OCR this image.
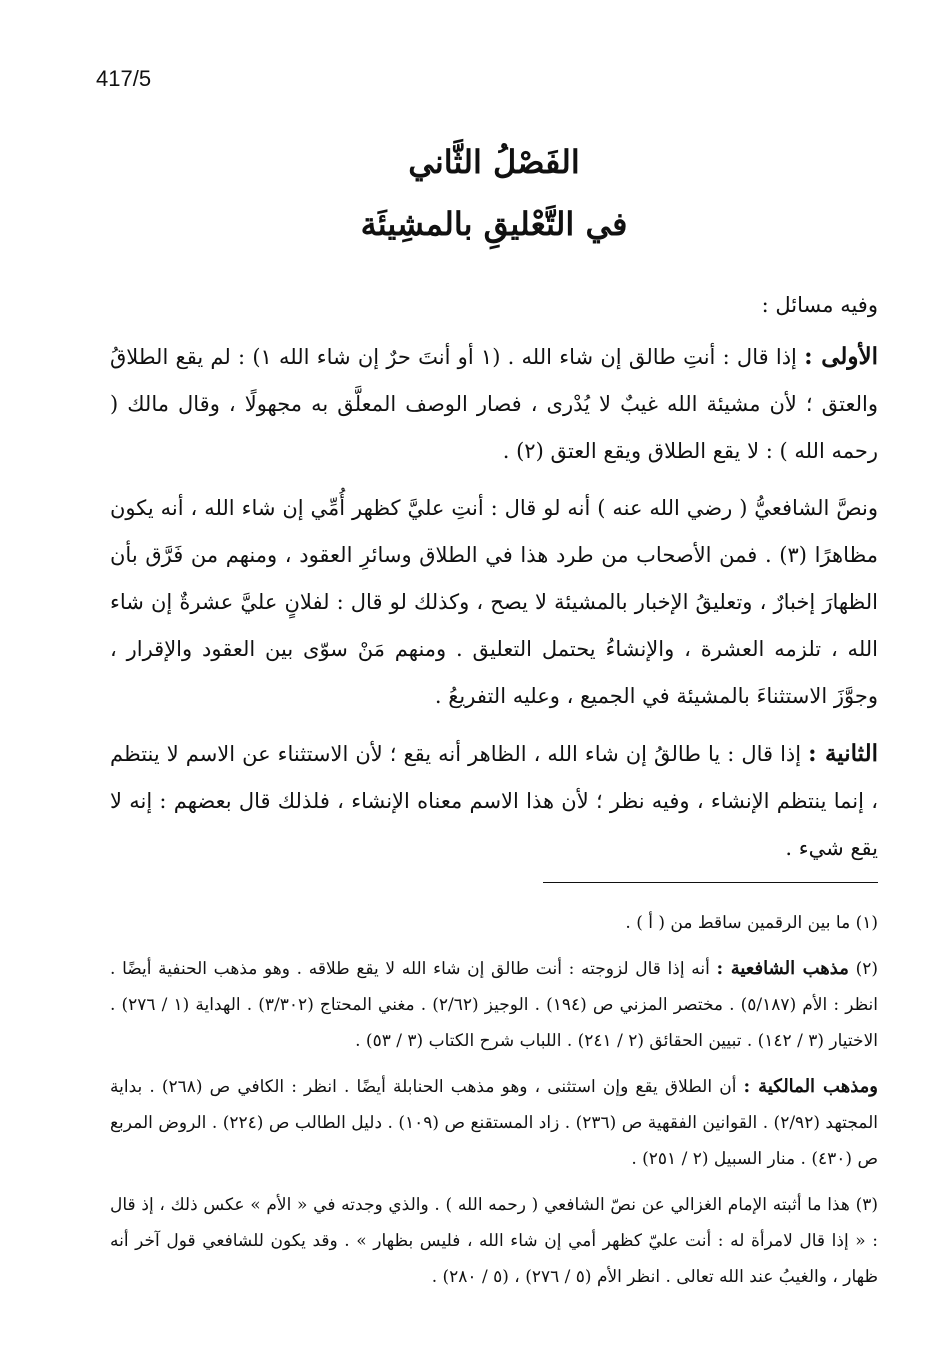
417/5
الفَصْلُ الثَّاني
في التَّعْليقِ بالمشِيئَة

وفيه مسائل :

الأولى : إذا قال : أنتِ طالق إن شاء الله . (١ أو أنتَ حرٌ إن شاء الله ١) : لم يقع الطلاقُ والعتق ؛ لأن مشيئة الله غيبٌ لا يُدْرى ، فصار الوصف المعلَّق به مجهولًا ، وقال مالك ( رحمه الله ) : لا يقع الطلاق ويقع العتق (٢) .

ونصَّ الشافعيُّ ( رضي الله عنه ) أنه لو قال : أنتِ عليَّ كظهر أُمِّي إن شاء الله ، أنه يكون مظاهرًا (٣) . فمن الأصحاب من طرد هذا في الطلاق وسائرِ العقود ، ومنهم من فَرَّق بأن الظهارَ إخبارٌ ، وتعليقُ الإخبار بالمشيئة لا يصح ، وكذلك لو قال : لفلانٍ عليَّ عشرةٌ إن شاء الله ، تلزمه العشرة ، والإنشاءُ يحتمل التعليق . ومنهم مَنْ سوّى بين العقود والإقرار ، وجوَّزَ الاستثناءَ بالمشيئة في الجميع ، وعليه التفريعُ .

الثانية : إذا قال : يا طالقُ إن شاء الله ، الظاهر أنه يقع ؛ لأن الاستثناء عن الاسم لا ينتظم ، إنما ينتظم الإنشاء ، وفيه نظر ؛ لأن هذا الاسم معناه الإنشاء ، فلذلك قال بعضهم : إنه لا يقع شيء .

(١) ما بين الرقمين ساقط من ( أ ) .

(٢) مذهب الشافعية : أنه إذا قال لزوجته : أنت طالق إن شاء الله لا يقع طلاقه . وهو مذهب الحنفية أيضًا . انظر : الأم (٥/١٨٧) . مختصر المزني ص (١٩٤) . الوجيز (٢/٦٢) . مغني المحتاج (٣/٣٠٢) . الهداية (١ / ٢٧٦) . الاختيار (٣ / ١٤٢) . تبيين الحقائق (٢ / ٢٤١) . اللباب شرح الكتاب (٣ / ٥٣) .

ومذهب المالكية : أن الطلاق يقع وإن استثنى ، وهو مذهب الحنابلة أيضًا . انظر : الكافي ص (٢٦٨) . بداية المجتهد (٢/٩٢) . القوانين الفقهية ص (٢٣٦) . زاد المستقنع ص (١٠٩) . دليل الطالب ص (٢٢٤) . الروض المربع ص (٤٣٠) . منار السبيل (٢ / ٢٥١) .

(٣) هذا ما أثبته الإمام الغزالي عن نصّ الشافعي ( رحمه الله ) . والذي وجدته في « الأم » عكس ذلك ، إذ قال : « إذا قال لامرأة له : أنت عليّ كظهر أمي إن شاء الله ، فليس بظهار » . وقد يكون للشافعي قول آخر أنه ظهار ، والغيبُ عند الله تعالى . انظر الأم (٥ / ٢٧٦) ، (٥ / ٢٨٠) .
